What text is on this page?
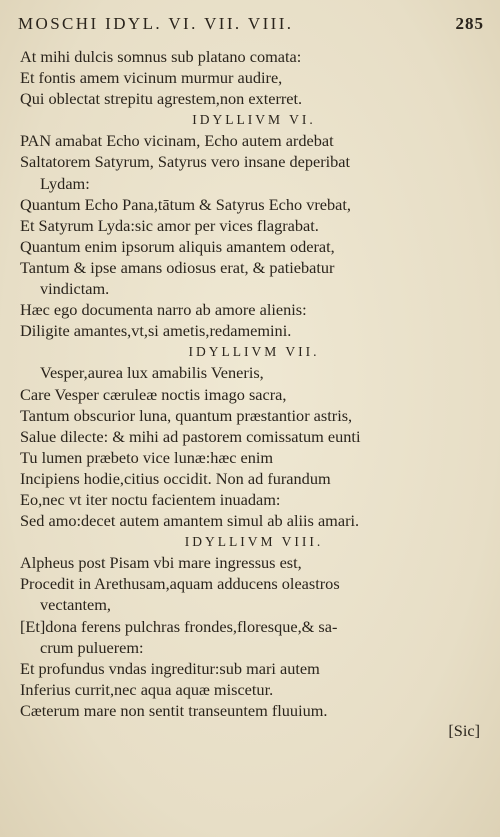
MOSCHI IDYL. VI. VII. VIII.	285
At mihi dulcis somnus sub platano comata:
Et fontis amem vicinum murmur audire,
Qui oblectat strepitu agrestem,non exterret.
IDYLLIVM VI.
PAN amabat Echo vicinam, Echo autem ardebat
Saltatorem Satyrum, Satyrus vero insane deperibat
Lydam:
Quantum Echo Pana,tātum & Satyrus Echo vrebat,
Et Satyrum Lyda:sic amor per vices flagrabat.
Quantum enim ipsorum aliquis amantem oderat,
Tantum & ipse amans odiosus erat, & patiebatur
vindictam.
Hæc ego documenta narro ab amore alienis:
Diligite amantes,vt,si ametis,redamemini.
IDYLLIVM VII.
Vesper,aurea lux amabilis Veneris,
Care Vesper cæruleæ noctis imago sacra,
Tantum obscurior luna, quantum præstantior astris,
Salue dilecte: & mihi ad pastorem comissatum eunti
Tu lumen præbeto vice lunæ:hæc enim
Incipiens hodie,citius occidit. Non ad furandum
Eo,nec vt iter noctu facientem inuadam:
Sed amo:decet autem amantem simul ab aliis amari.
IDYLLIVM VIII.
Alpheus post Pisam vbi mare ingressus est,
Procedit in Arethusam,aquam adducens oleastros
vectantem,
[Et]dona ferens pulchras frondes,floresque,& sa-
crum puluerem:
Et profundus vndas ingreditur:sub mari autem
Inferius currit,nec aqua aquæ miscetur.
Cæterum mare non sentit transeuntem fluuium.
[Sic]
